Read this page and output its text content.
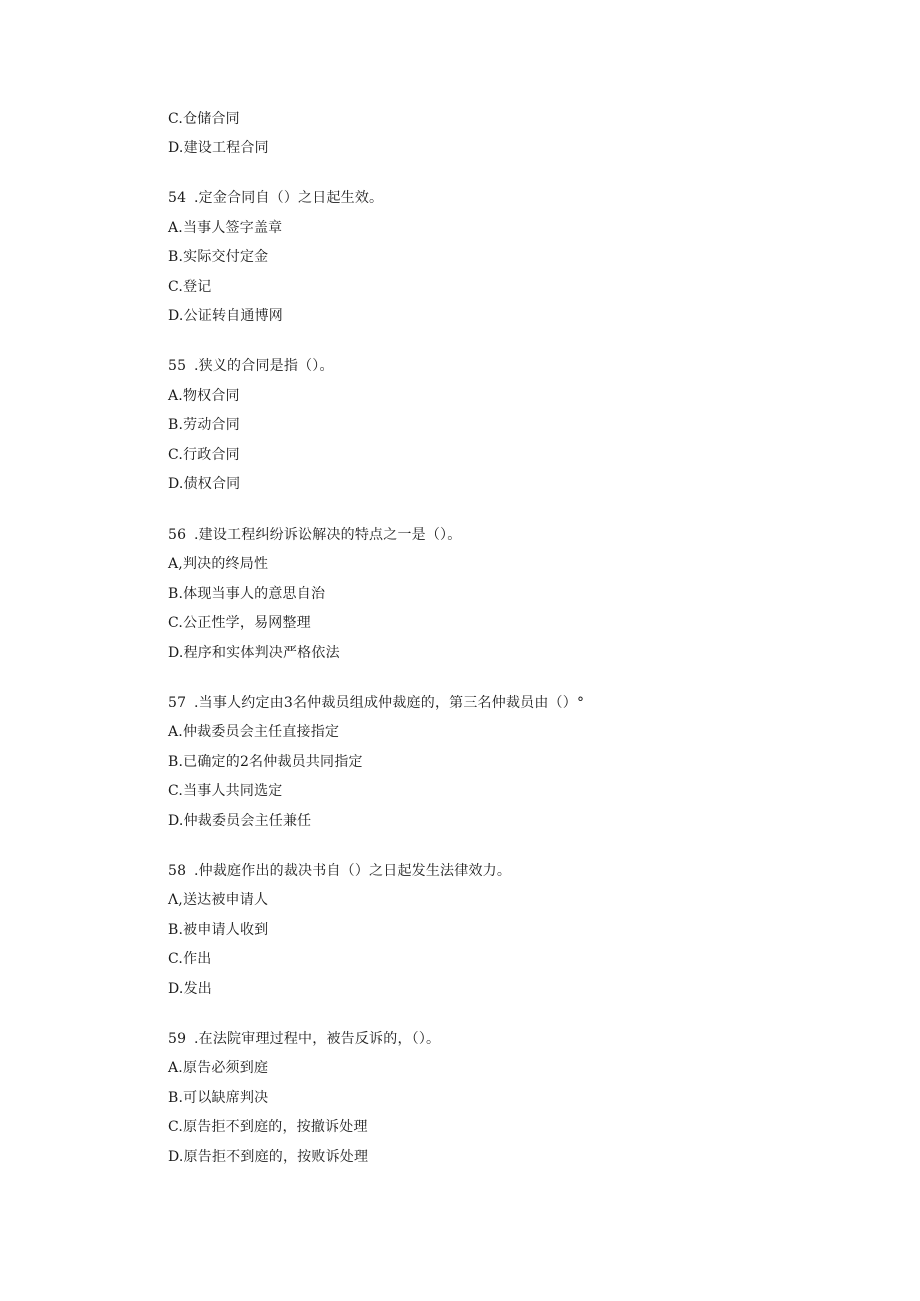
C.仓储合同
D.建设工程合同
54 .定金合同自（）之日起生效。
A.当事人签字盖章
B.实际交付定金
C.登记
D.公证转自通博网
55 .狭义的合同是指（）。
A.物权合同
B.劳动合同
C.行政合同
D.债权合同
56 .建设工程纠纷诉讼解决的特点之一是（）。
A,判决的终局性
B.体现当事人的意思自治
C.公正性学，易网整理
D.程序和实体判决严格依法
57 .当事人约定由3名仲裁员组成仲裁庭的，第三名仲裁员由（）°
A.仲裁委员会主任直接指定
B.已确定的2名仲裁员共同指定
C.当事人共同选定
D.仲裁委员会主任兼任
58 .仲裁庭作出的裁决书自（）之日起发生法律效力。
Λ,送达被申请人
B.被申请人收到
C.作出
D.发出
59 .在法院审理过程中，被告反诉的，（）。
A.原告必须到庭
B.可以缺席判决
C.原告拒不到庭的，按撤诉处理
D.原告拒不到庭的，按败诉处理
